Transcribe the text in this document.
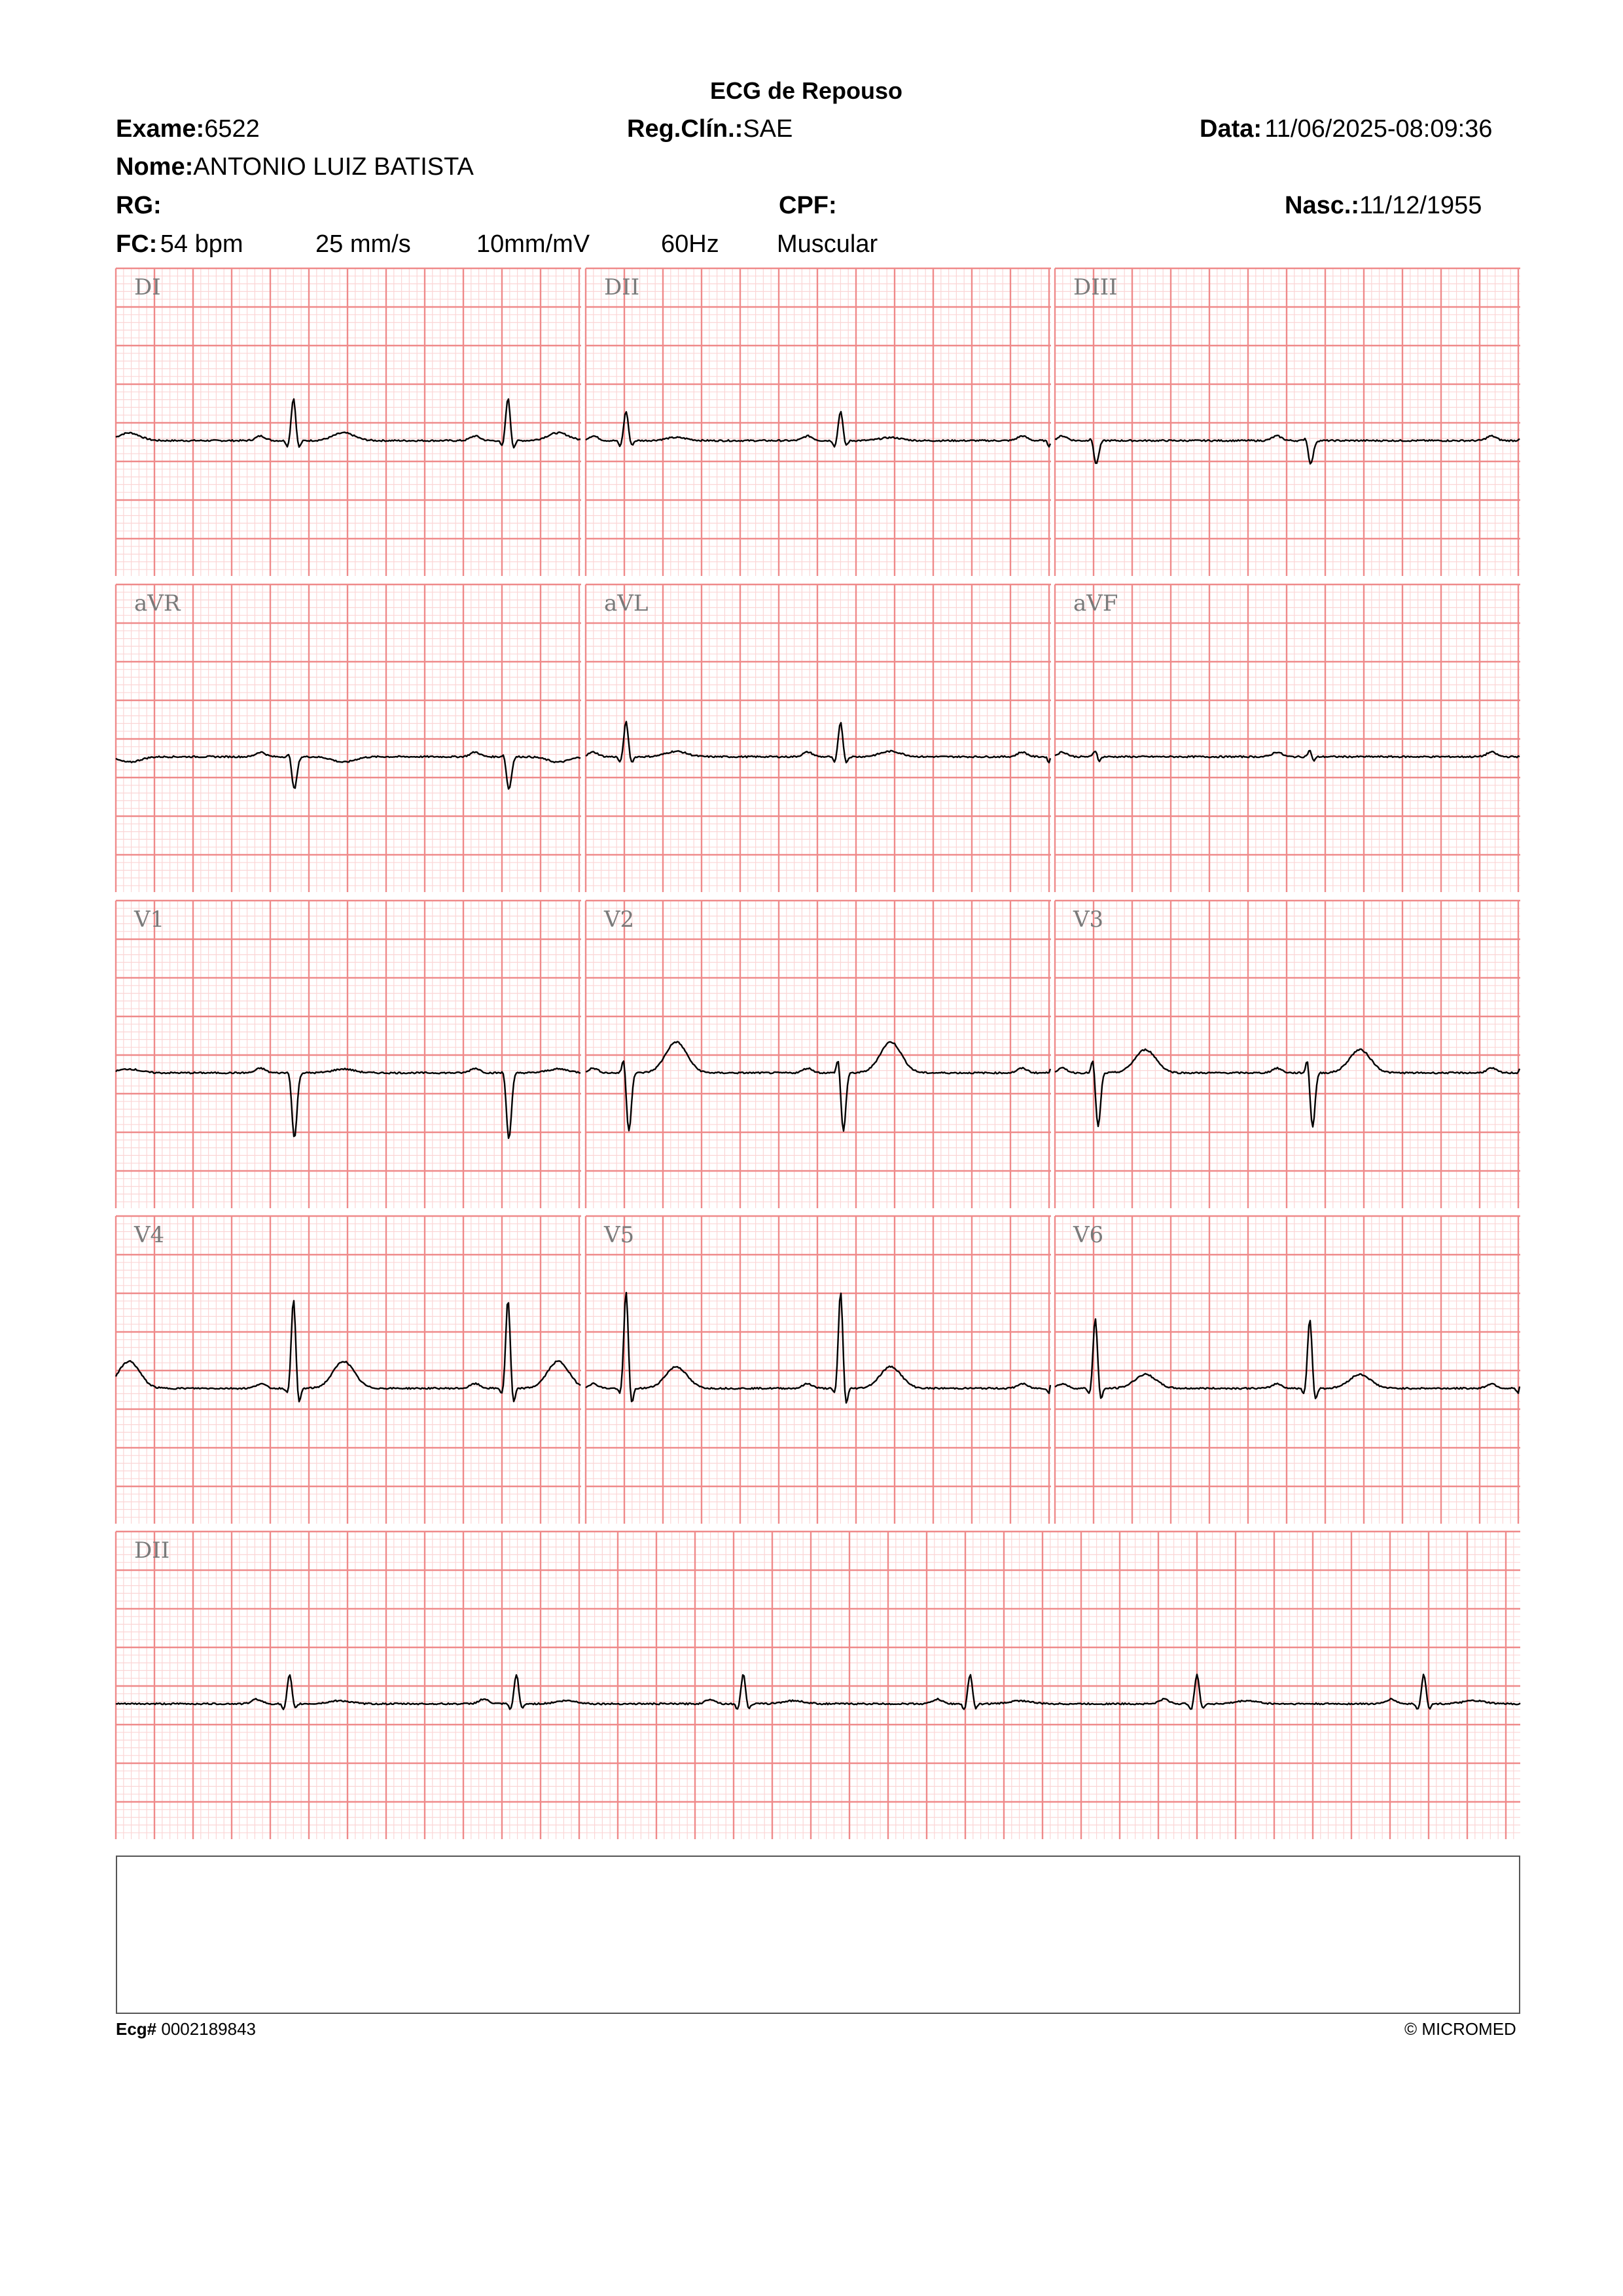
ECG de Repouso
Exame:6522	Reg.Clín.:SAE	Data: 11/06/2025-08:09:36
Nome:ANTONIO LUIZ BATISTA
RG:	CPF:	Nasc.:11/12/1955
FC: 54 bpm	25 mm/s	10mm/mV	60Hz Muscular
DI	DII	DIII
aVR	aVL	aVF
V1	V2	V3
V4	V5	V6
DII
Ecg# 0002189843	© MICROMED
